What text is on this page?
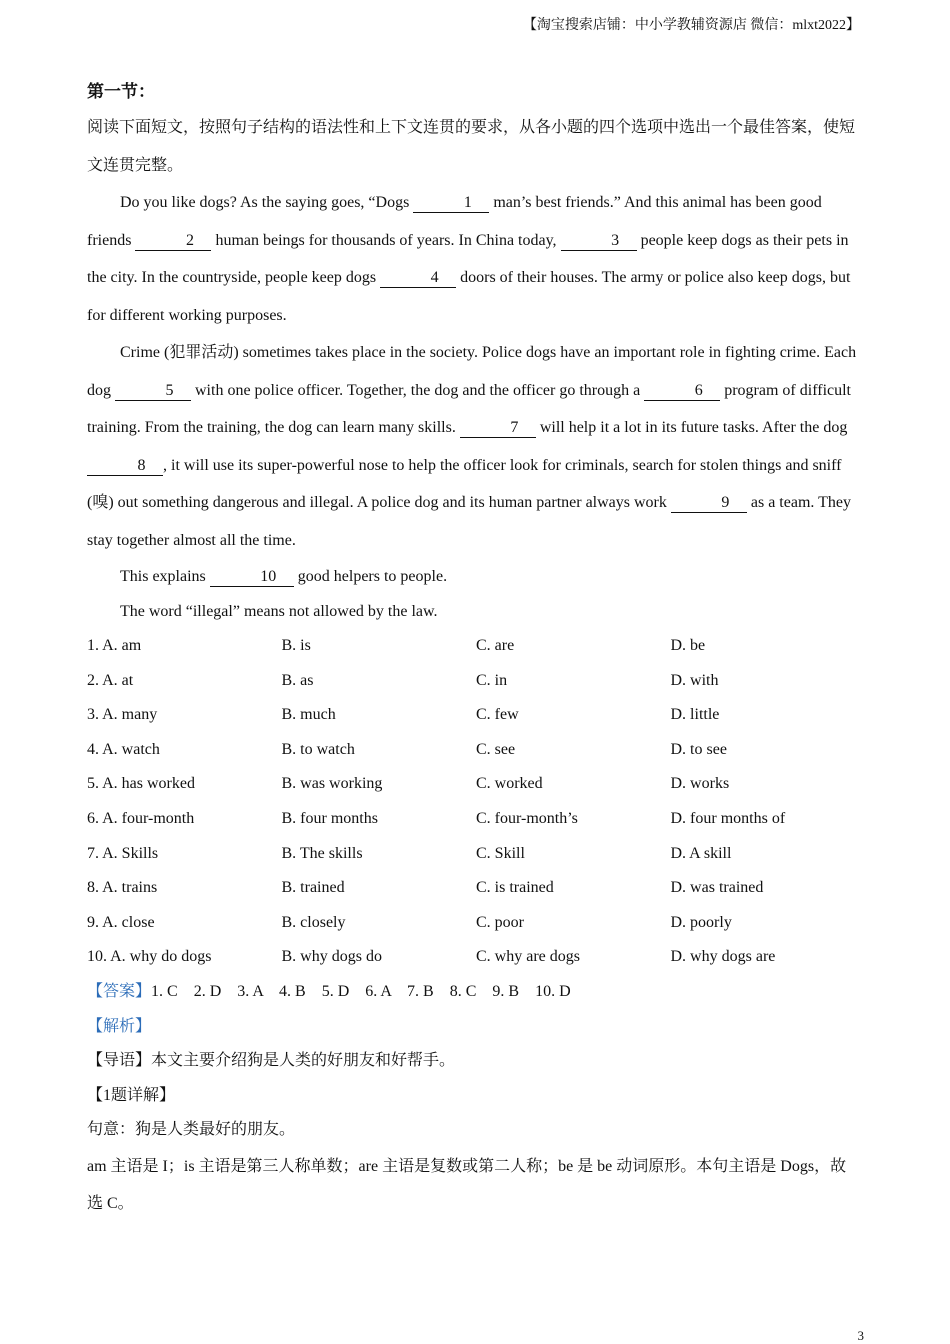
【淘宝搜索店铺：中小学教辅资源店 微信：mlxt2022】
第一节：

阅读下面短文，按照句子结构的语法性和上下文连贯的要求，从各小题的四个选项中选出一个最佳答案，使短文连贯完整。

Do you like dogs? As the saying goes, “Dogs	1 man’s best friends.” And this animal has been good friends	2 human beings for thousands of years. In China today,	3 people keep dogs as their pets in the city. In the countryside, people keep dogs	4 doors of their houses. The army or police also keep dogs, but for different working purposes.

Crime (犯罪活动) sometimes takes place in the society. Police dogs have an important role in fighting crime. Each dog	5 with one police officer. Together, the dog and the officer go through a	6 program of difficult training. From the training, the dog can learn many skills.	7 will help it a lot in its future tasks. After the dog 8 , it will use its super-powerful nose to help the officer look for criminals, search for stolen things and sniff (嗅) out something dangerous and illegal. A police dog and its human partner always work	9 as a team. They stay together almost all the time.

This explains	10 good helpers to people.

The word “illegal” means not allowed by the law.

1. A. am	B. is	C. are	D. be
2. A. at	B. as	C. in	D. with
3. A. many	B. much	C. few	D. little
4. A. watch	B. to watch	C. see	D. to see
5. A. has worked	B. was working	C. worked	D. works
6. A. four-month	B. four months	C. four-month’s	D. four months of
7. A. Skills	B. The skills	C. Skill	D. A skill
8. A. trains	B. trained	C. is trained	D. was trained
9. A. close	B. closely	C. poor	D. poorly
10. A. why do dogs	B. why dogs do	C. why are dogs	D. why dogs are

【答案】1. C    2. D    3. A    4. B    5. D    6. A    7. B    8. C    9. B    10. D

【解析】

【导语】本文主要介绍狗是人类的好朋友和好帮手。

【1题详解】

句意：狗是人类最好的朋友。

am 主语是 I；is 主语是第三人称单数；are 主语是复数或第二人称；be 是 be 动词原形。本句主语是 Dogs，故选 C。

3
